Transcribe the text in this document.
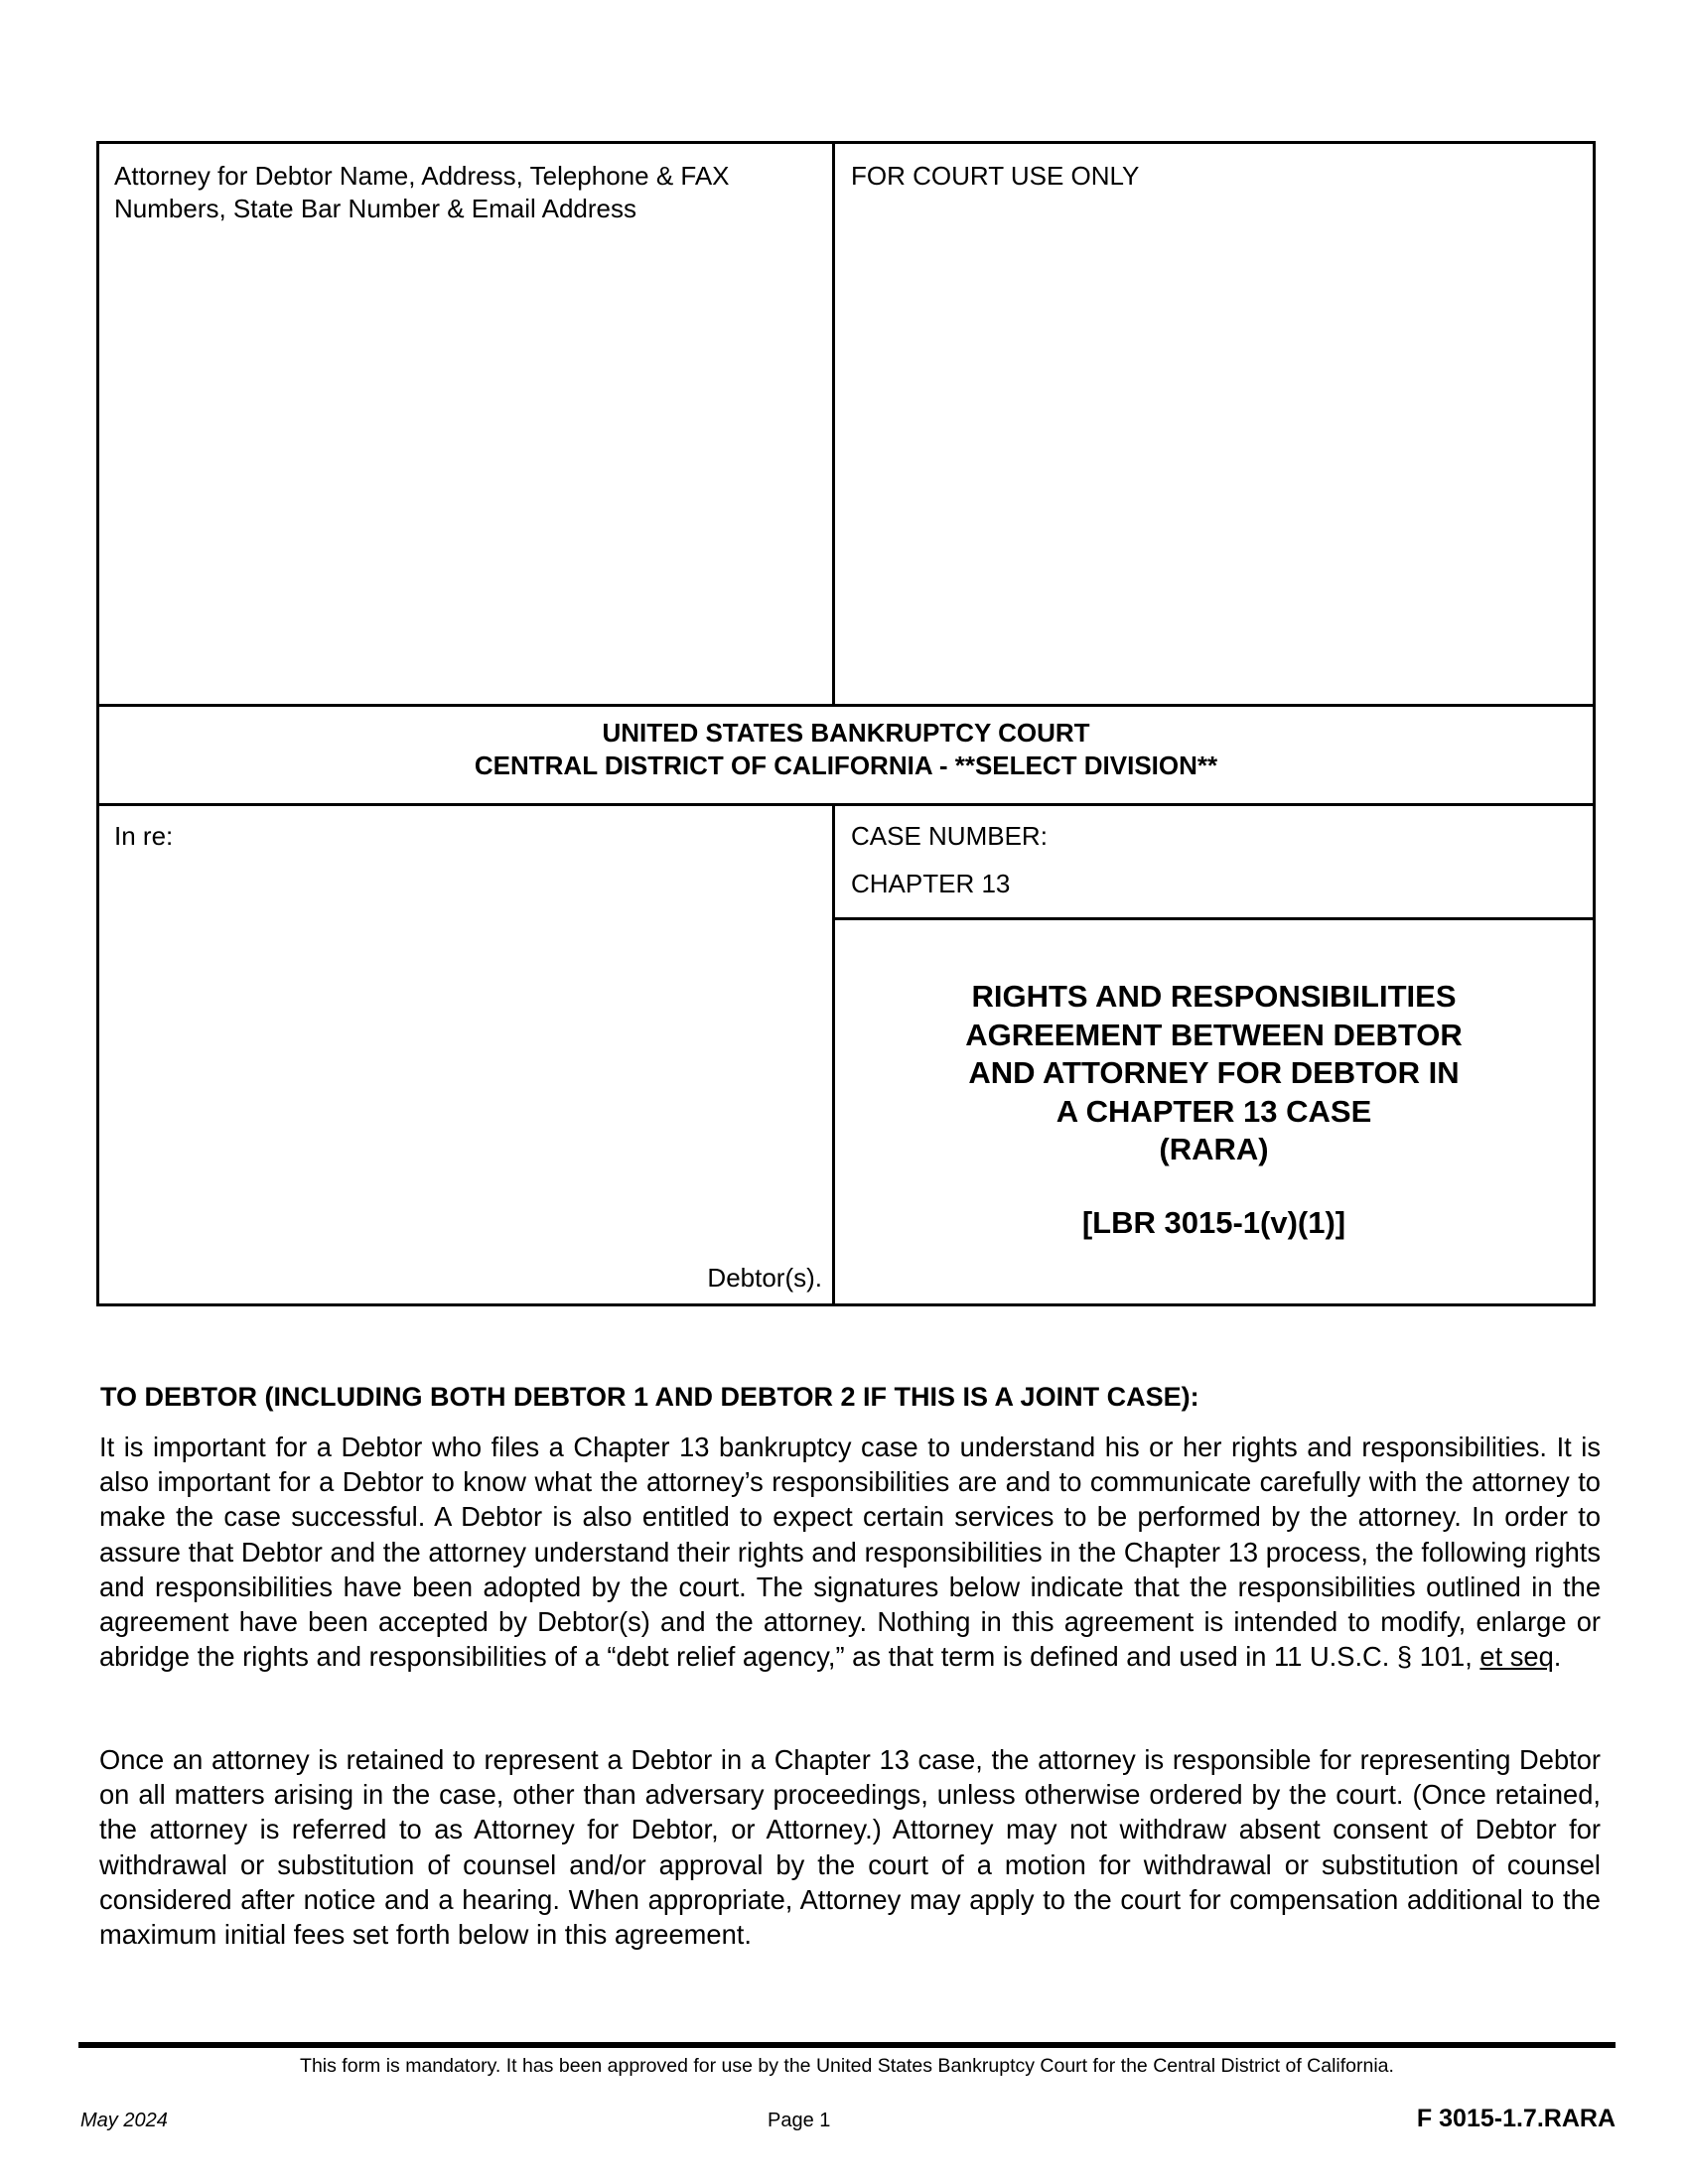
Attorney for Debtor Name, Address, Telephone & FAX Numbers, State Bar Number & Email Address
FOR COURT USE ONLY
UNITED STATES BANKRUPTCY COURT
CENTRAL DISTRICT OF CALIFORNIA - **SELECT DIVISION**
In re:
Debtor(s).
CASE NUMBER:
CHAPTER 13
RIGHTS AND RESPONSIBILITIES
AGREEMENT BETWEEN DEBTOR
AND ATTORNEY FOR DEBTOR IN
A CHAPTER 13 CASE
(RARA)
[LBR 3015-1(v)(1)]
TO DEBTOR (INCLUDING BOTH DEBTOR 1 AND DEBTOR 2 IF THIS IS A JOINT CASE):
It is important for a Debtor who files a Chapter 13 bankruptcy case to understand his or her rights and responsibilities. It is also important for a Debtor to know what the attorney’s responsibilities are and to communicate carefully with the attorney to make the case successful. A Debtor is also entitled to expect certain services to be performed by the attorney. In order to assure that Debtor and the attorney understand their rights and responsibilities in the Chapter 13 process, the following rights and responsibilities have been adopted by the court. The signatures below indicate that the responsibilities outlined in the agreement have been accepted by Debtor(s) and the attorney. Nothing in this agreement is intended to modify, enlarge or abridge the rights and responsibilities of a “debt relief agency,” as that term is defined and used in 11 U.S.C. § 101, et seq.
Once an attorney is retained to represent a Debtor in a Chapter 13 case, the attorney is responsible for representing Debtor on all matters arising in the case, other than adversary proceedings, unless otherwise ordered by the court. (Once retained, the attorney is referred to as Attorney for Debtor, or Attorney.) Attorney may not withdraw absent consent of Debtor for withdrawal or substitution of counsel and/or approval by the court of a motion for withdrawal or substitution of counsel considered after notice and a hearing. When appropriate, Attorney may apply to the court for compensation additional to the maximum initial fees set forth below in this agreement.
This form is mandatory. It has been approved for use by the United States Bankruptcy Court for the Central District of California.
May 2024	Page 1	F 3015-1.7.RARA
